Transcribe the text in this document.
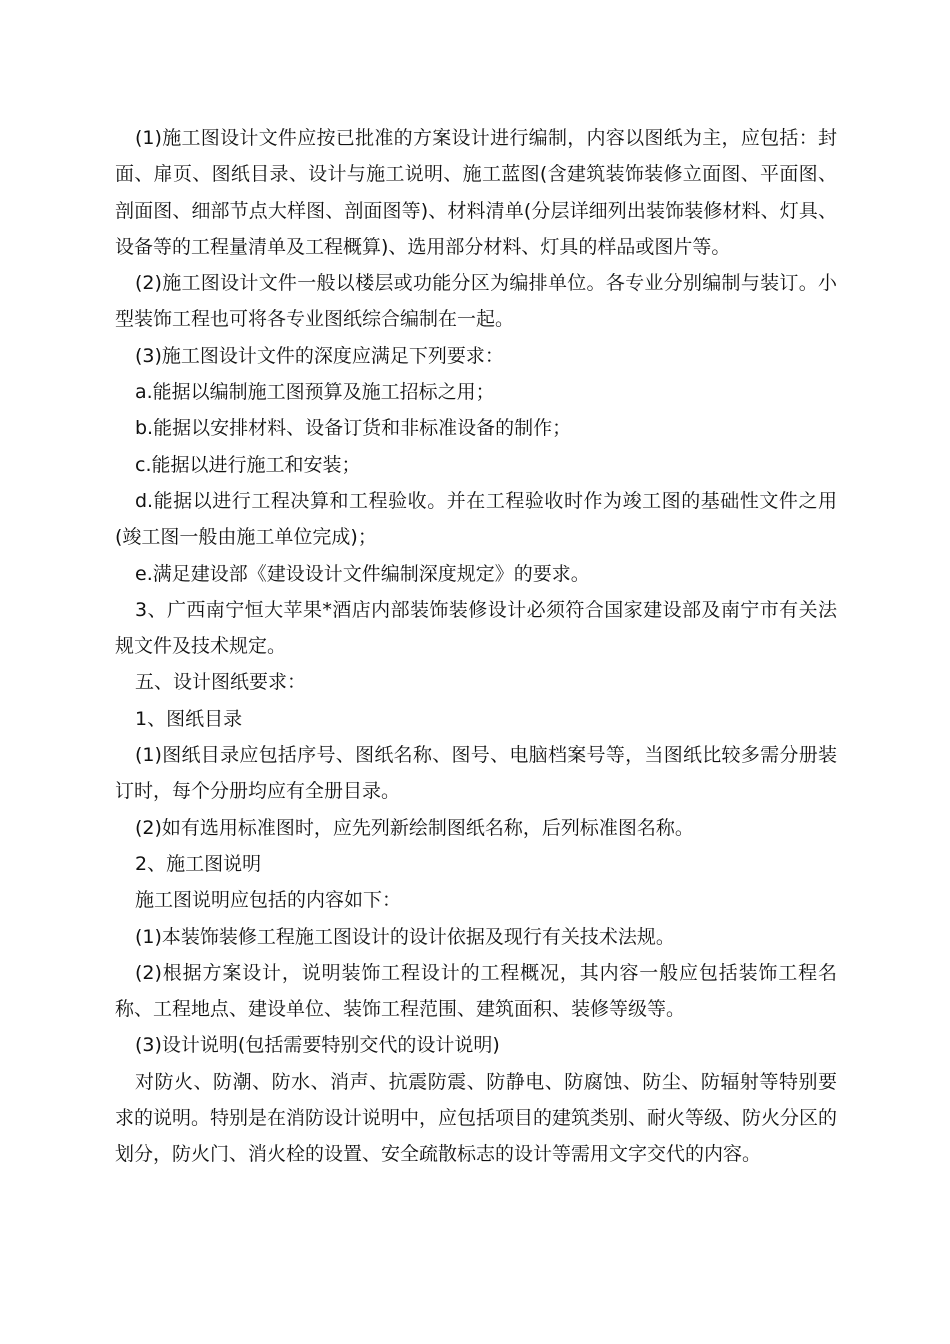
(1)施工图设计文件应按已批准的方案设计进行编制，内容以图纸为主，应包括：封面、扉页、图纸目录、设计与施工说明、施工蓝图(含建筑装饰装修立面图、平面图、剖面图、细部节点大样图、剖面图等)、材料清单(分层详细列出装饰装修材料、灯具、设备等的工程量清单及工程概算)、选用部分材料、灯具的样品或图片等。

(2)施工图设计文件一般以楼层或功能分区为编排单位。各专业分别编制与装订。小型装饰工程也可将各专业图纸综合编制在一起。

(3)施工图设计文件的深度应满足下列要求：

a.能据以编制施工图预算及施工招标之用；

b.能据以安排材料、设备订货和非标准设备的制作；

c.能据以进行施工和安装；

d.能据以进行工程决算和工程验收。并在工程验收时作为竣工图的基础性文件之用(竣工图一般由施工单位完成)；

e.满足建设部《建设设计文件编制深度规定》的要求。

3、广西南宁恒大苹果*酒店内部装饰装修设计必须符合国家建设部及南宁市有关法规文件及技术规定。

五、设计图纸要求：

1、图纸目录

(1)图纸目录应包括序号、图纸名称、图号、电脑档案号等，当图纸比较多需分册装订时，每个分册均应有全册目录。

(2)如有选用标准图时，应先列新绘制图纸名称，后列标准图名称。

2、施工图说明

施工图说明应包括的内容如下：

(1)本装饰装修工程施工图设计的设计依据及现行有关技术法规。

(2)根据方案设计，说明装饰工程设计的工程概况，其内容一般应包括装饰工程名称、工程地点、建设单位、装饰工程范围、建筑面积、装修等级等。

(3)设计说明(包括需要特别交代的设计说明)

对防火、防潮、防水、消声、抗震防震、防静电、防腐蚀、防尘、防辐射等特别要求的说明。特别是在消防设计说明中，应包括项目的建筑类别、耐火等级、防火分区的划分，防火门、消火栓的设置、安全疏散标志的设计等需用文字交代的内容。
